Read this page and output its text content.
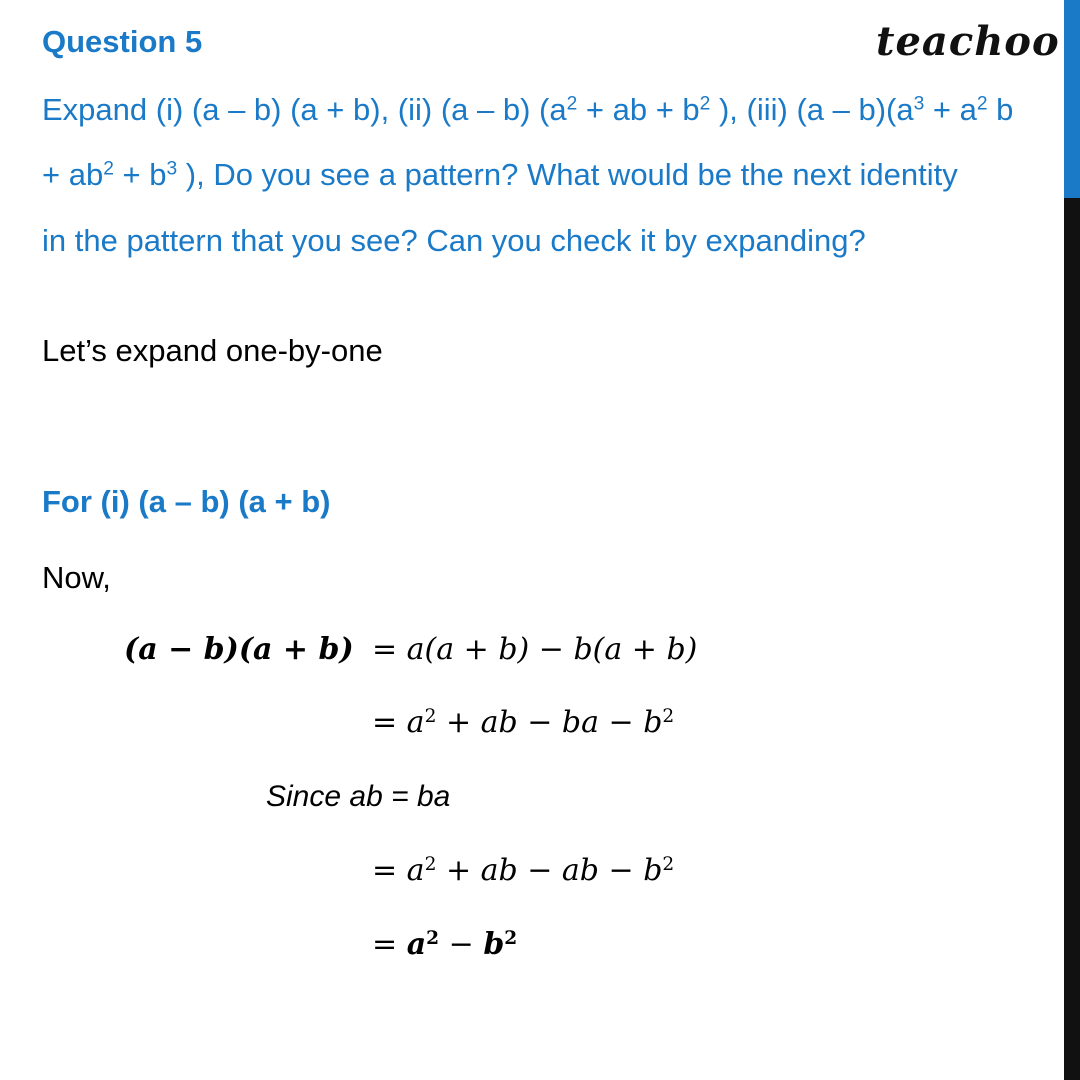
Question 5	teachoo
Expand (i) (a – b) (a + b), (ii) (a – b) ($a^2$ + ab + $b^2$ ), (iii) $(a - b)(a^3 + a^2$ b
+ $ab^2 + b^3$ ), Do you see a pattern? What would be the next identity
in the pattern that you see? Can you check it by expanding?
Let’s expand one-by-one
For (i) (a – b) (a + b)
Now,
(a − b)(a + b) = a(a + b) − b(a + b)
= $a^2$ + ab − ba − $b^2$
Since ab = ba
= $a^2$ + ab − ab − $b^2$
= $a^2 - b^2$
